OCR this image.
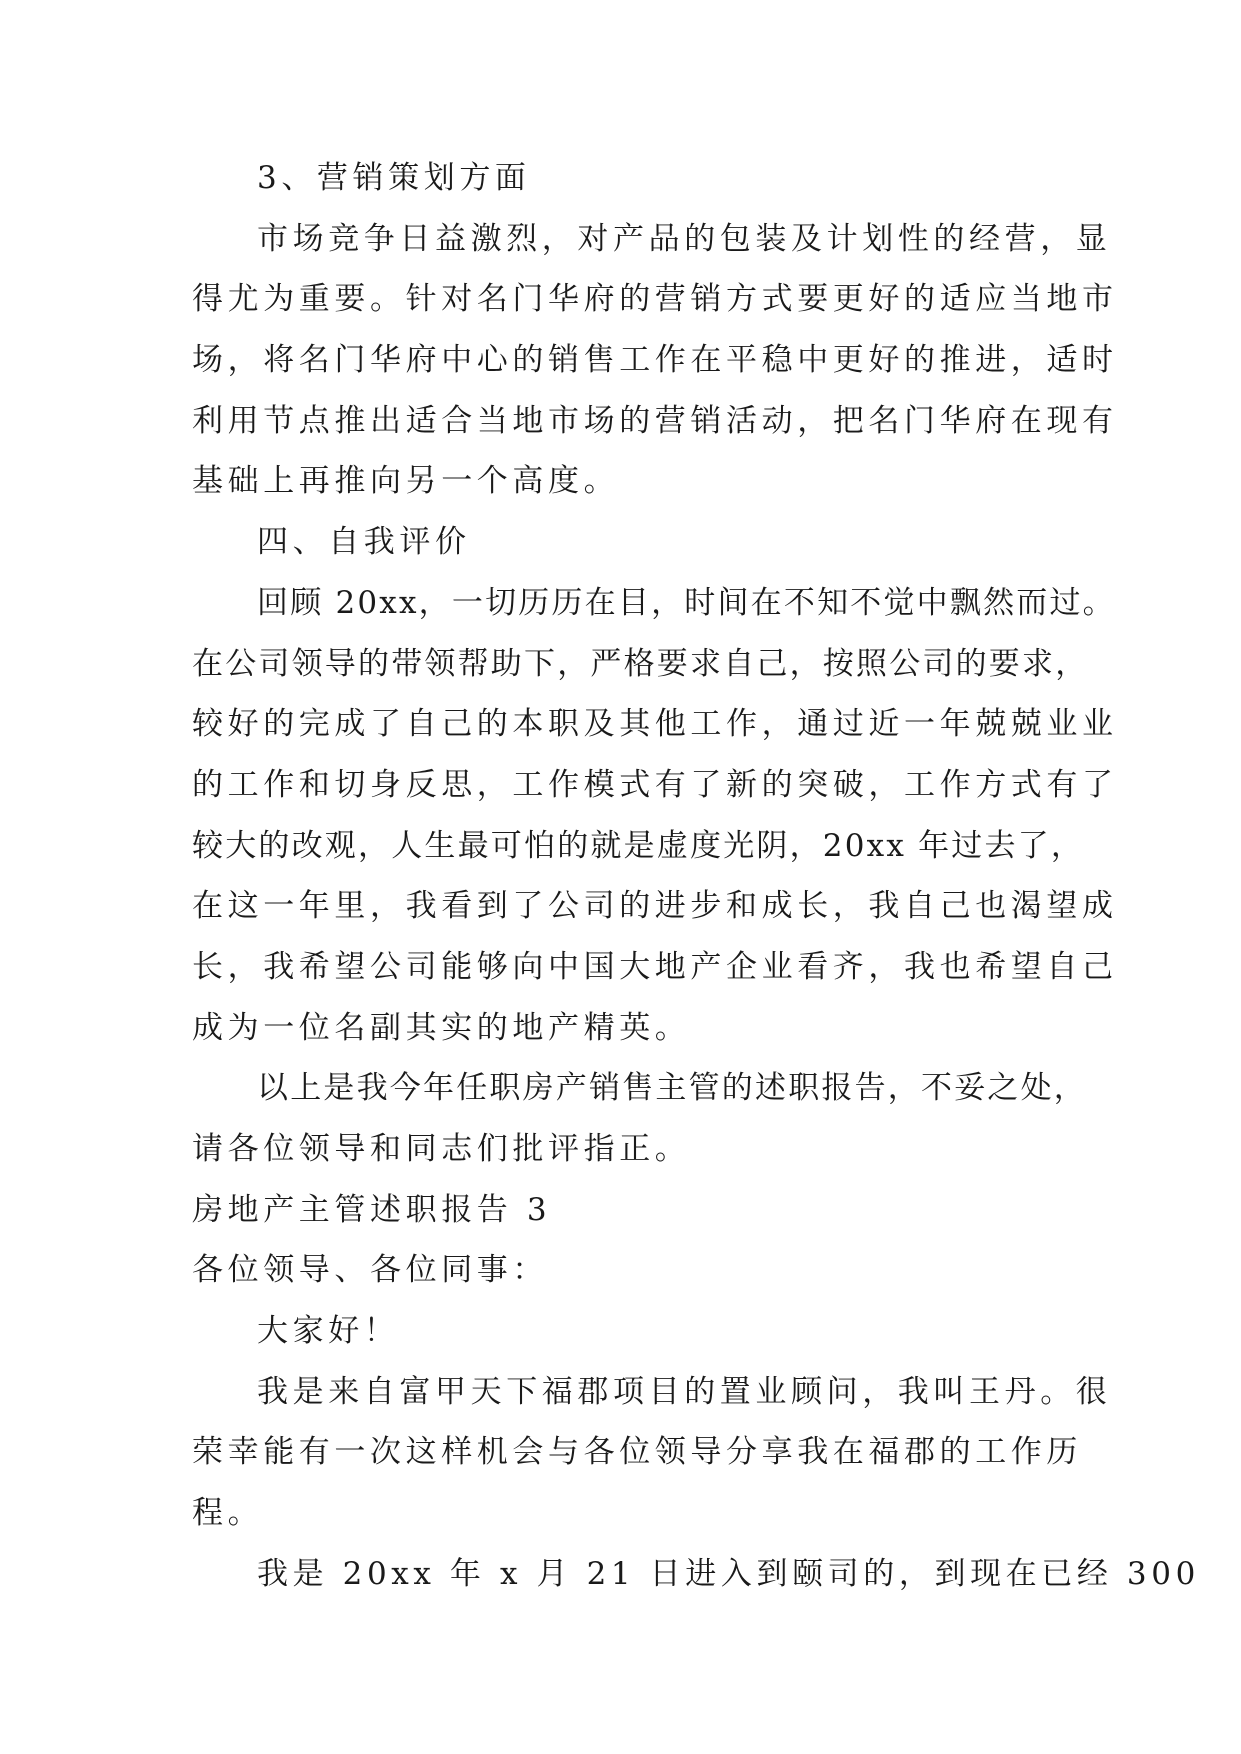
3、营销策划方面
市场竞争日益激烈，对产品的包装及计划性的经营，显
得尤为重要。针对名门华府的营销方式要更好的适应当地市
场，将名门华府中心的销售工作在平稳中更好的推进，适时
利用节点推出适合当地市场的营销活动，把名门华府在现有
基础上再推向另一个高度。
四、自我评价
回顾 20xx，一切历历在目，时间在不知不觉中飘然而过。
在公司领导的带领帮助下，严格要求自己，按照公司的要求，
较好的完成了自己的本职及其他工作，通过近一年兢兢业业
的工作和切身反思，工作模式有了新的突破，工作方式有了
较大的改观，人生最可怕的就是虚度光阴，20xx 年过去了，
在这一年里，我看到了公司的进步和成长，我自己也渴望成
长，我希望公司能够向中国大地产企业看齐，我也希望自己
成为一位名副其实的地产精英。
以上是我今年任职房产销售主管的述职报告，不妥之处，
请各位领导和同志们批评指正。
房地产主管述职报告 3
各位领导、各位同事：
大家好！
我是来自富甲天下福郡项目的置业顾问，我叫王丹。很
荣幸能有一次这样机会与各位领导分享我在福郡的工作历
程。
我是 20xx 年 x 月 21 日进入到颐司的，到现在已经 300
